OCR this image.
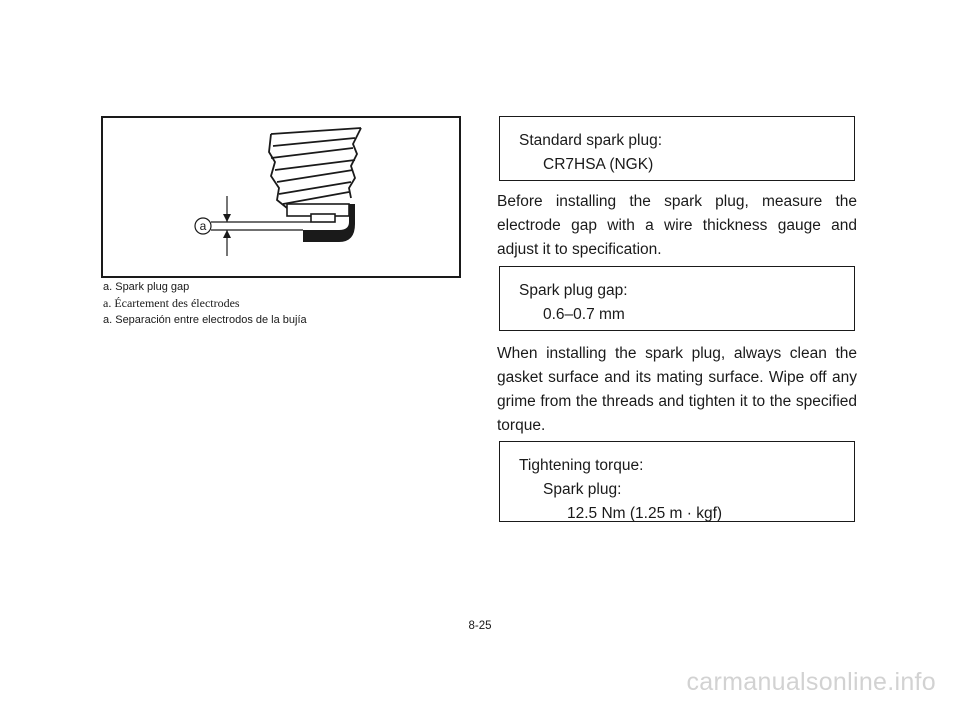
a
a. Spark plug gap
a. Écartement des électrodes
a. Separación entre electrodos de la bujía
Standard spark plug:
CR7HSA (NGK)
Before installing the spark plug, measure the electrode gap with a wire thickness gauge and adjust it to specification.
Spark plug gap:
0.6–0.7 mm
When installing the spark plug, always clean the gasket surface and its mating surface. Wipe off any grime from the threads and tighten it to the specified torque.
Tightening torque:
Spark plug:
12.5 Nm (1.25 m · kgf)
8-25
carmanualsonline.info
